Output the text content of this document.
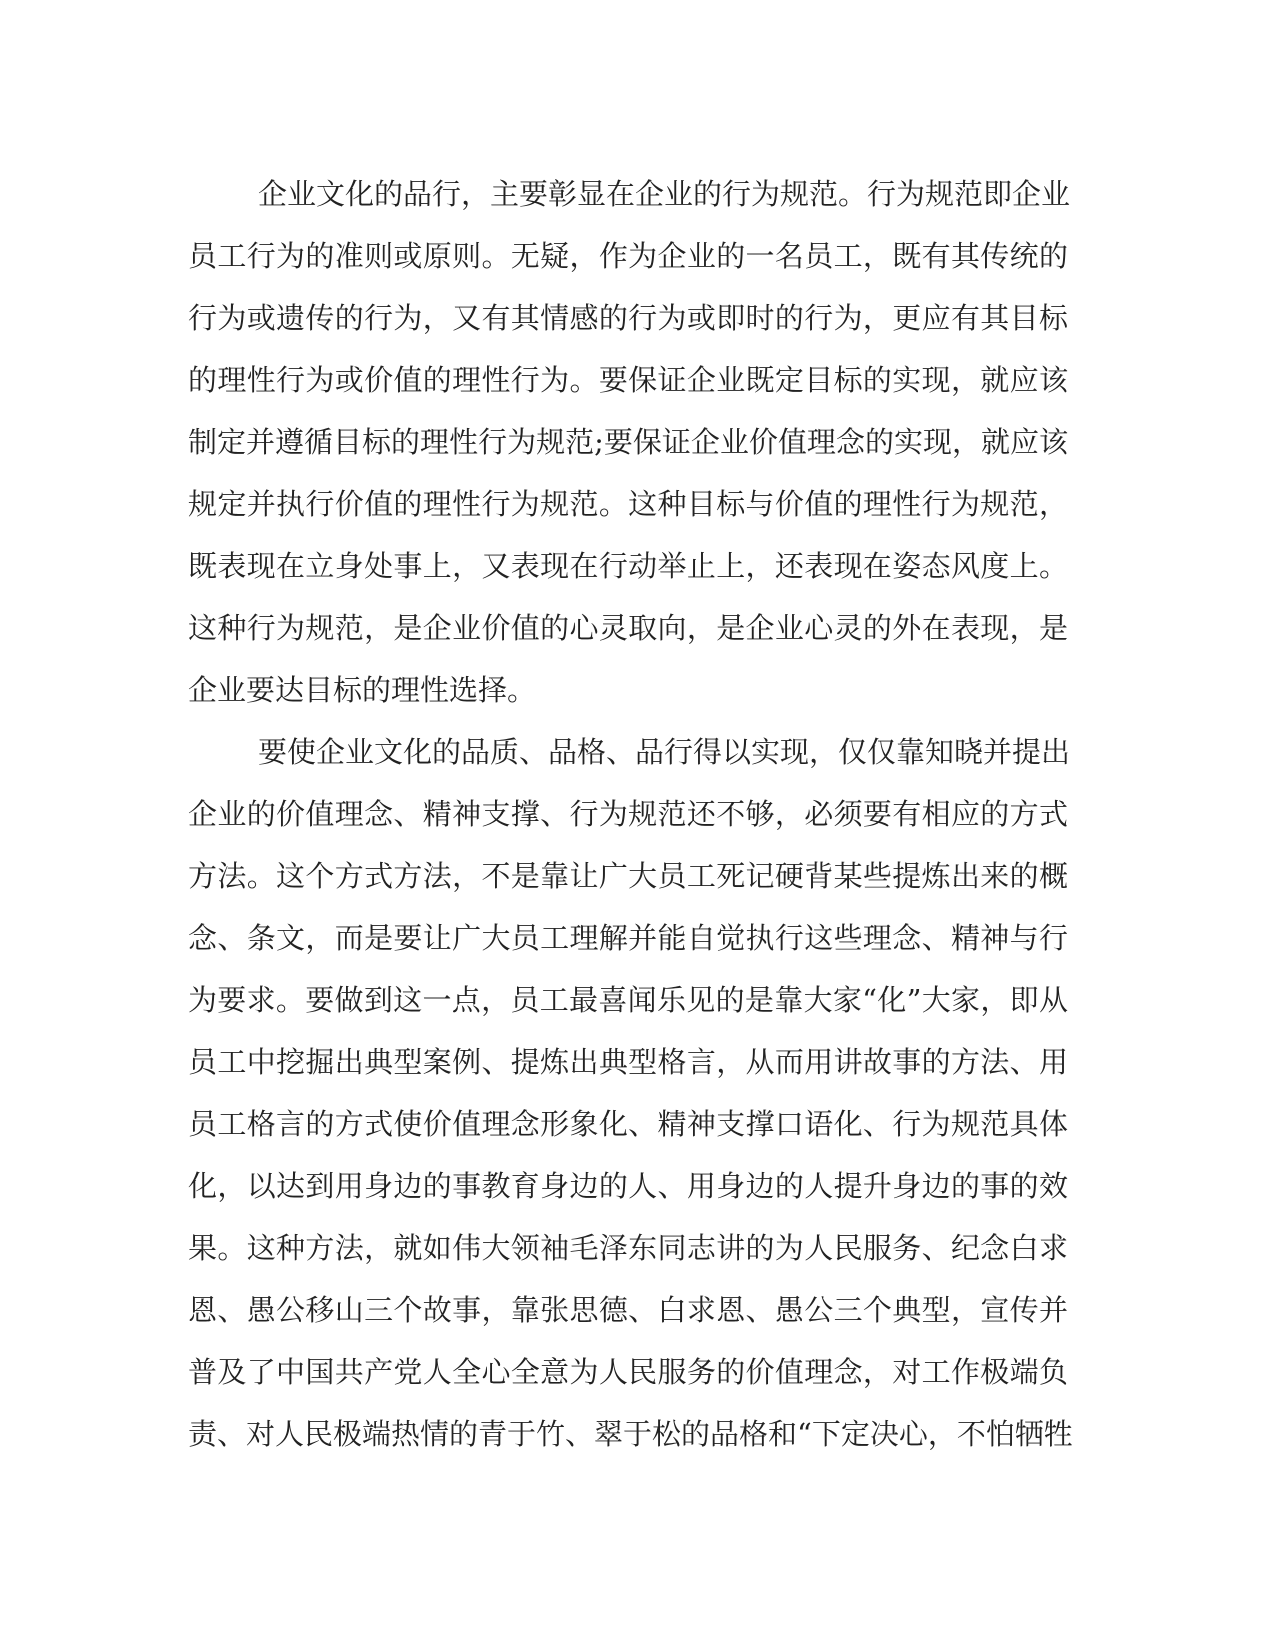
企业文化的品行，主要彰显在企业的行为规范。行为规范即企业
员工行为的准则或原则。无疑，作为企业的一名员工，既有其传统的
行为或遗传的行为，又有其情感的行为或即时的行为，更应有其目标
的理性行为或价值的理性行为。要保证企业既定目标的实现，就应该
制定并遵循目标的理性行为规范;要保证企业价值理念的实现，就应该
规定并执行价值的理性行为规范。这种目标与价值的理性行为规范，
既表现在立身处事上，又表现在行动举止上，还表现在姿态风度上。
这种行为规范，是企业价值的心灵取向，是企业心灵的外在表现，是
企业要达目标的理性选择。
要使企业文化的品质、品格、品行得以实现，仅仅靠知晓并提出
企业的价值理念、精神支撑、行为规范还不够，必须要有相应的方式
方法。这个方式方法，不是靠让广大员工死记硬背某些提炼出来的概
念、条文，而是要让广大员工理解并能自觉执行这些理念、精神与行
为要求。要做到这一点，员工最喜闻乐见的是靠大家“化”大家，即从
员工中挖掘出典型案例、提炼出典型格言，从而用讲故事的方法、用
员工格言的方式使价值理念形象化、精神支撑口语化、行为规范具体
化，以达到用身边的事教育身边的人、用身边的人提升身边的事的效
果。这种方法，就如伟大领袖毛泽东同志讲的为人民服务、纪念白求
恩、愚公移山三个故事，靠张思德、白求恩、愚公三个典型，宣传并
普及了中国共产党人全心全意为人民服务的价值理念，对工作极端负
责、对人民极端热情的青于竹、翠于松的品格和“下定决心，不怕牺牲
